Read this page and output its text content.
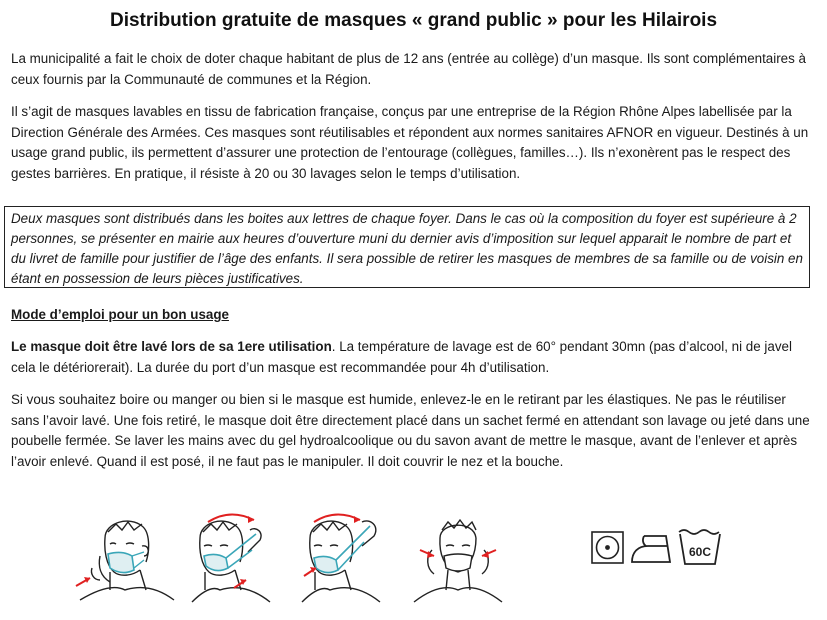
Distribution gratuite de masques « grand public » pour les Hilairois
La municipalité a fait le choix de doter chaque habitant de plus de 12 ans (entrée au collège) d’un masque. Ils sont complémentaires à ceux fournis par la Communauté de communes et la Région.
Il s’agit de masques lavables en tissu de fabrication française, conçus par une entreprise de la Région Rhône Alpes labellisée par la Direction Générale des Armées. Ces masques sont réutilisables et répondent aux normes sanitaires AFNOR en vigueur. Destinés à un usage grand public, ils permettent d’assurer une protection de l’entourage (collègues, familles…). Ils n’exonèrent pas le respect des gestes barrières. En pratique, il résiste à 20 ou 30 lavages selon le temps d’utilisation.
Deux masques sont distribués dans les boites aux lettres de chaque foyer. Dans le cas où la composition du foyer est supérieure à 2 personnes, se présenter en mairie aux heures d’ouverture muni du dernier avis d’imposition sur lequel apparait le nombre de part et du livret de famille pour justifier de l’âge des enfants. Il sera possible de retirer les masques de membres de sa famille ou de voisin en étant en possession de leurs pièces justificatives.
Mode d’emploi pour un bon usage
Le masque doit être lavé lors de sa 1ere utilisation. La température de lavage est de 60° pendant 30mn (pas d’alcool, ni de javel cela le détériorerait). La durée du port d’un masque est recommandée pour 4h d’utilisation.
Si vous souhaitez boire ou manger ou bien si le masque est humide, enlevez-le en le retirant par les élastiques. Ne pas le réutiliser sans l’avoir lavé. Une fois retiré, le masque doit être directement placé dans un sachet fermé en attendant son lavage ou jeté dans une poubelle fermée. Se laver les mains avec du gel hydroalcoolique ou du savon avant de mettre le masque, avant de l’enlever et après l’avoir enlevé. Quand il est posé, il ne faut pas le manipuler. Il doit couvrir le nez et la bouche.
60C
